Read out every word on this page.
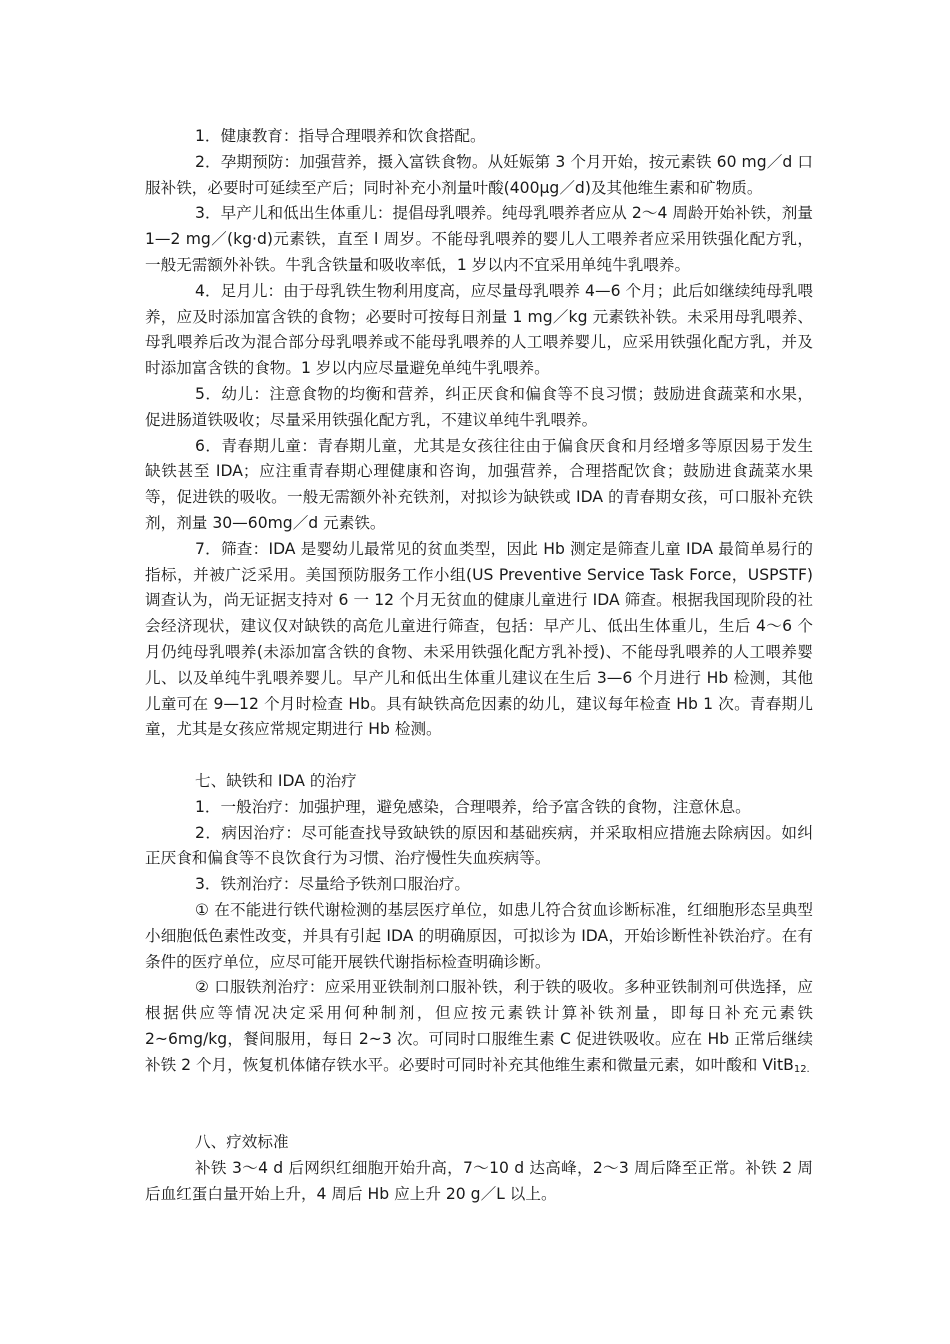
1．健康教育：指导合理喂养和饮食搭配。

2．孕期预防：加强营养，摄入富铁食物。从妊娠第 3 个月开始，按元素铁 60 mg／d 口服补铁，必要时可延续至产后；同时补充小剂量叶酸(400μg／d)及其他维生素和矿物质。

3．早产儿和低出生体重儿：提倡母乳喂养。纯母乳喂养者应从 2～4 周龄开始补铁，剂量 1—2 mg／(kg·d)元素铁，直至 l 周岁。不能母乳喂养的婴儿人工喂养者应采用铁强化配方乳，一般无需额外补铁。牛乳含铁量和吸收率低，1 岁以内不宜采用单纯牛乳喂养。

4．足月儿：由于母乳铁生物利用度高，应尽量母乳喂养 4—6 个月；此后如继续纯母乳喂养，应及时添加富含铁的食物；必要时可按每日剂量 1 mg／kg 元素铁补铁。未采用母乳喂养、母乳喂养后改为混合部分母乳喂养或不能母乳喂养的人工喂养婴儿，应采用铁强化配方乳，并及时添加富含铁的食物。1 岁以内应尽量避免单纯牛乳喂养。

5．幼儿：注意食物的均衡和营养，纠正厌食和偏食等不良习惯；鼓励进食蔬菜和水果，促进肠道铁吸收；尽量采用铁强化配方乳，不建议单纯牛乳喂养。

6．青春期儿童：青春期儿童，尤其是女孩往往由于偏食厌食和月经增多等原因易于发生缺铁甚至 IDA；应注重青春期心理健康和咨询，加强营养，合理搭配饮食；鼓励进食蔬菜水果等，促进铁的吸收。一般无需额外补充铁剂，对拟诊为缺铁或 IDA 的青春期女孩，可口服补充铁剂，剂量 30—60mg／d 元素铁。

7．筛查：IDA 是婴幼儿最常见的贫血类型，因此 Hb 测定是筛查儿童 IDA 最简单易行的指标，并被广泛采用。美国预防服务工作小组(US Preventive Service Task Force，USPSTF)调查认为，尚无证据支持对 6 一 12 个月无贫血的健康儿童进行 IDA 筛查。根据我国现阶段的社会经济现状，建议仅对缺铁的高危儿童进行筛查，包括：早产儿、低出生体重儿，生后 4～6 个月仍纯母乳喂养(未添加富含铁的食物、未采用铁强化配方乳补授)、不能母乳喂养的人工喂养婴儿、以及单纯牛乳喂养婴儿。早产儿和低出生体重儿建议在生后 3—6 个月进行 Hb 检测，其他儿童可在 9—12 个月时检查 Hb。具有缺铁高危因素的幼儿，建议每年检查 Hb 1 次。青春期儿童，尤其是女孩应常规定期进行 Hb 检测。

七、缺铁和 IDA 的治疗

1．一般治疗：加强护理，避免感染，合理喂养，给予富含铁的食物，注意休息。

2．病因治疗：尽可能查找导致缺铁的原因和基础疾病，并采取相应措施去除病因。如纠正厌食和偏食等不良饮食行为习惯、治疗慢性失血疾病等。

3．铁剂治疗：尽量给予铁剂口服治疗。

① 在不能进行铁代谢检测的基层医疗单位，如患儿符合贫血诊断标准，红细胞形态呈典型小细胞低色素性改变，并具有引起 IDA 的明确原因，可拟诊为 IDA，开始诊断性补铁治疗。在有条件的医疗单位，应尽可能开展铁代谢指标检查明确诊断。

② 口服铁剂治疗：应采用亚铁制剂口服补铁，利于铁的吸收。多种亚铁制剂可供选择，应根据供应等情况决定采用何种制剂，但应按元素铁计算补铁剂量，即每日补充元素铁 2~6mg/kg，餐间服用，每日 2~3 次。可同时口服维生素 C 促进铁吸收。应在 Hb 正常后继续补铁 2 个月，恢复机体储存铁水平。必要时可同时补充其他维生素和微量元素，如叶酸和 VitB$_{12.}$

八、疗效标准

补铁 3～4 d 后网织红细胞开始升高，7～10 d 达高峰，2～3 周后降至正常。补铁 2 周后血红蛋白量开始上升，4 周后 Hb 应上升 20 g／L 以上。
